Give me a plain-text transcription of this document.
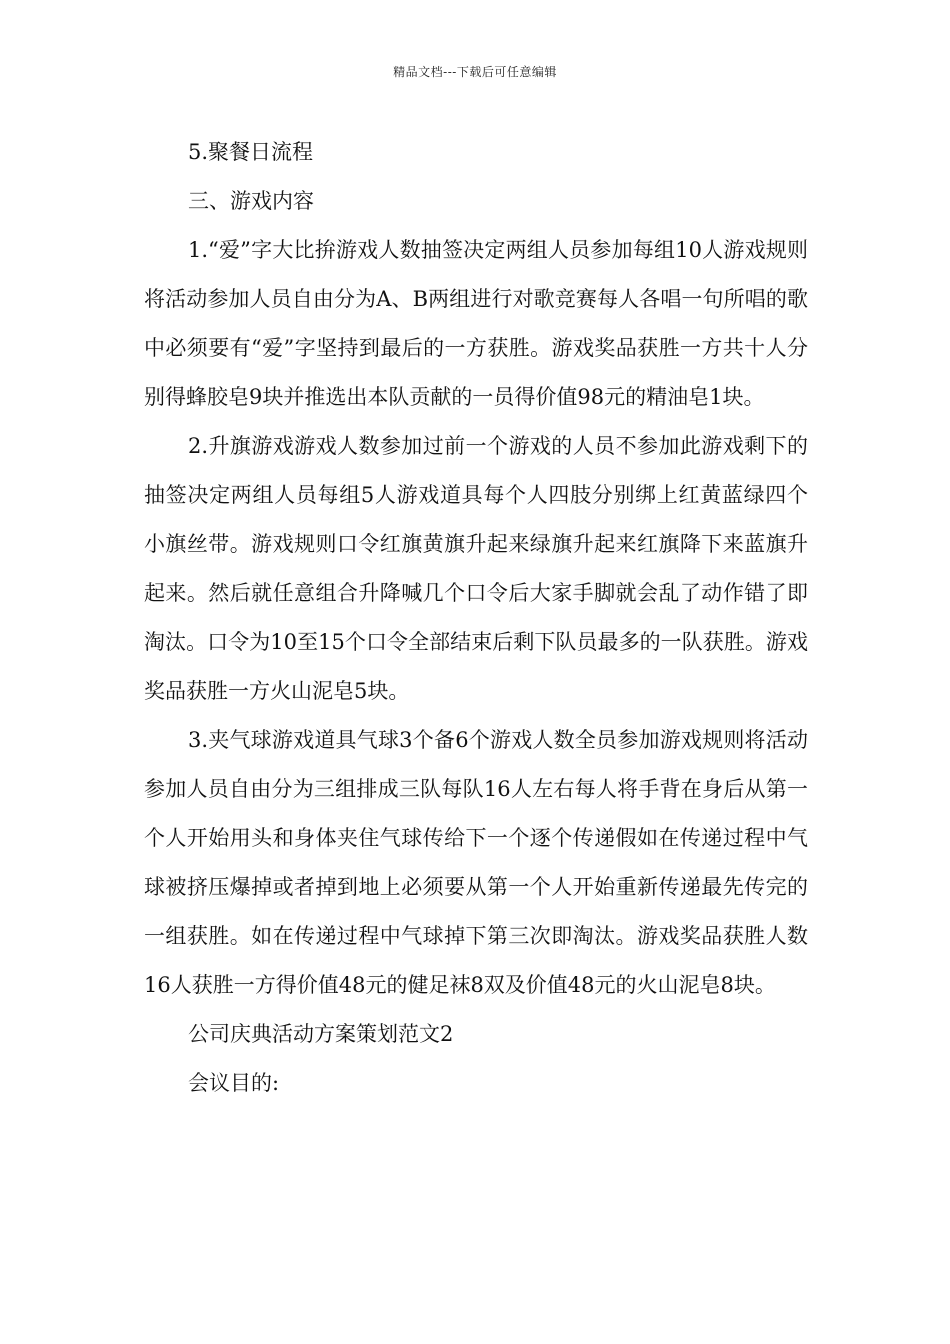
精品文档---下载后可任意编辑

5.聚餐日流程

三、游戏内容

1.“爱”字大比拚游戏人数抽签决定两组人员参加每组10人游戏规则将活动参加人员自由分为A、B两组进行对歌竞赛每人各唱一句所唱的歌中必须要有“爱”字坚持到最后的一方获胜。游戏奖品获胜一方共十人分别得蜂胶皂9块并推选出本队贡献的一员得价值98元的精油皂1块。

2.升旗游戏游戏人数参加过前一个游戏的人员不参加此游戏剩下的抽签决定两组人员每组5人游戏道具每个人四肢分别绑上红黄蓝绿四个小旗丝带。游戏规则口令红旗黄旗升起来绿旗升起来红旗降下来蓝旗升起来。然后就任意组合升降喊几个口令后大家手脚就会乱了动作错了即淘汰。口令为10至15个口令全部结束后剩下队员最多的一队获胜。游戏奖品获胜一方火山泥皂5块。

3.夹气球游戏道具气球3个备6个游戏人数全员参加游戏规则将活动参加人员自由分为三组排成三队每队16人左右每人将手背在身后从第一个人开始用头和身体夹住气球传给下一个逐个传递假如在传递过程中气球被挤压爆掉或者掉到地上必须要从第一个人开始重新传递最先传完的一组获胜。如在传递过程中气球掉下第三次即淘汰。游戏奖品获胜人数16人获胜一方得价值48元的健足袜8双及价值48元的火山泥皂8块。

公司庆典活动方案策划范文2

会议目的:
